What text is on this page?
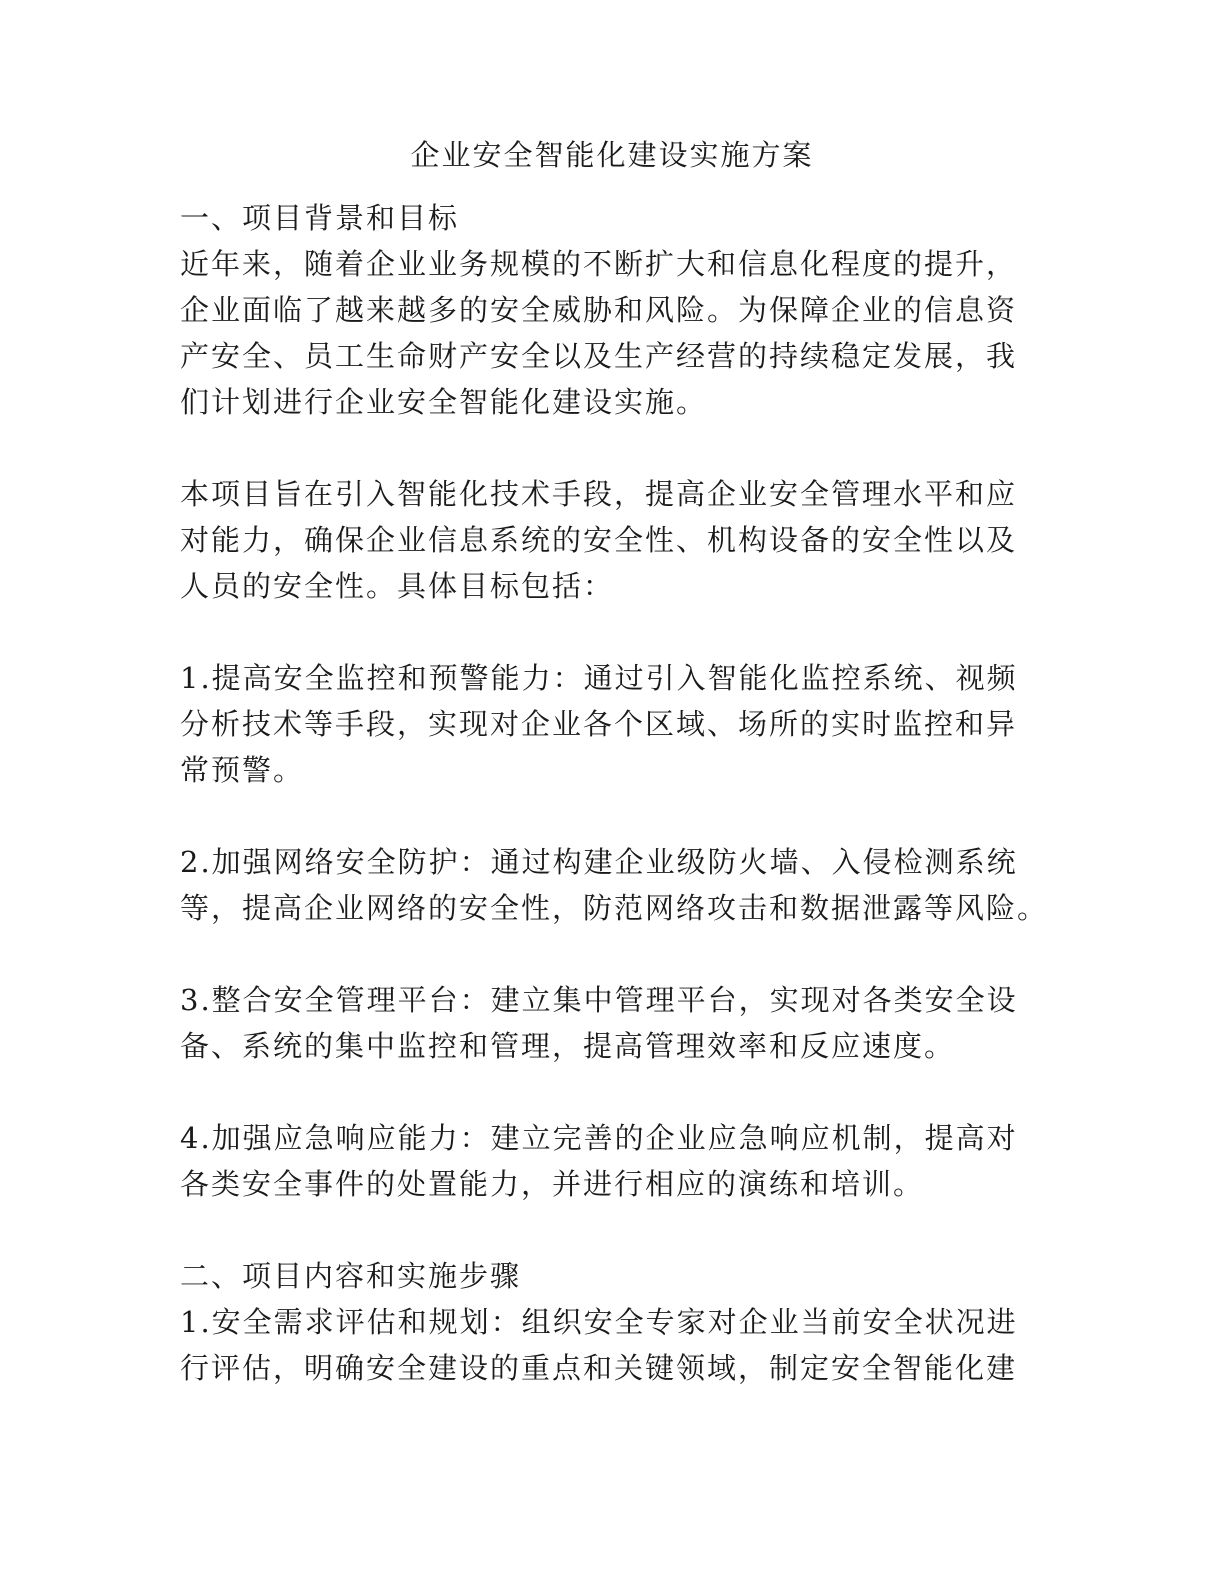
企业安全智能化建设实施方案

一、项目背景和目标

近年来，随着企业业务规模的不断扩大和信息化程度的提升，

企业面临了越来越多的安全威胁和风险。为保障企业的信息资

产安全、员工生命财产安全以及生产经营的持续稳定发展，我

们计划进行企业安全智能化建设实施。

本项目旨在引入智能化技术手段，提高企业安全管理水平和应

对能力，确保企业信息系统的安全性、机构设备的安全性以及

人员的安全性。具体目标包括：

1.提高安全监控和预警能力：通过引入智能化监控系统、视频

分析技术等手段，实现对企业各个区域、场所的实时监控和异

常预警。

2.加强网络安全防护：通过构建企业级防火墙、入侵检测系统

等，提高企业网络的安全性，防范网络攻击和数据泄露等风险。

3.整合安全管理平台：建立集中管理平台，实现对各类安全设

备、系统的集中监控和管理，提高管理效率和反应速度。

4.加强应急响应能力：建立完善的企业应急响应机制，提高对

各类安全事件的处置能力，并进行相应的演练和培训。

二、项目内容和实施步骤

1.安全需求评估和规划：组织安全专家对企业当前安全状况进

行评估，明确安全建设的重点和关键领域，制定安全智能化建
